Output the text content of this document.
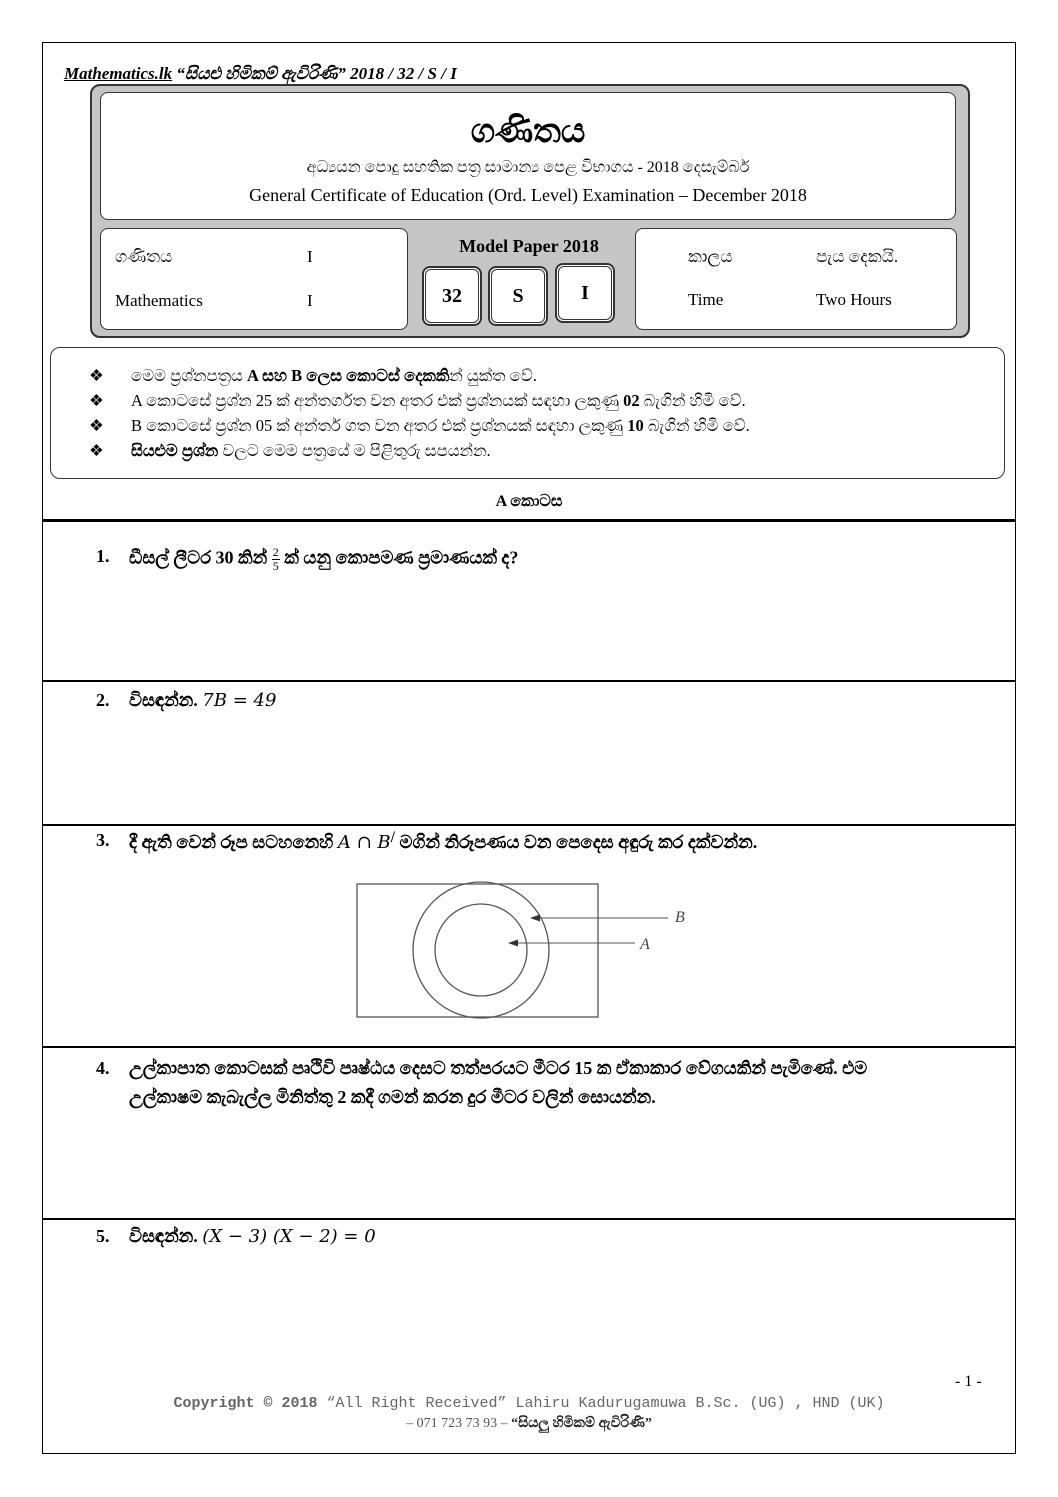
Mathematics.lk “සියළු හිමිකම් ඇවිරිණි” 2018 / 32 / S / I
ගණිතය
අධ්‍යයන පොදු සහතික පත්‍ර සාමාන්‍ය පෙළ විභාගය - 2018 දෙසැම්බර්
General Certificate of Education (Ord. Level) Examination – December 2018
ගණිතය	I
Mathematics	I
Model Paper 2018
32	S	I
කාලය	පැය දෙකයි.
Time	Two Hours
❖ මෙම ප්‍රශ්නපත්‍රය A සහ B ලෙස කොටස් දෙකකින් යුක්ත වේ.
❖ A කොටසේ ප්‍රශ්න 25 ක් අන්තර්ගත වන අතර එක් ප්‍රශ්නයක් සඳහා ලකුණු 02 බැගින් හිමි වේ.
❖ B කොටසේ ප්‍රශ්න 05 ක් අන්තර් ගත වන අතර එක් ප්‍රශ්නයක් සඳහා ලකුණු 10 බැගින් හිමි වේ.
❖ සියළුම ප්‍රශ්න වලට මෙම පත්‍රයේ ම පිළිතුරු සපයන්න.
A කොටස
1. ඩීසල් ලීටර 30 කින් $\frac{2}{5}$ ක් යනු කොපමණ ප්‍රමාණයක් ද?
2. විසඳන්න. 7B = 49
3. දී ඇති වෙන් රූප සටහනෙහි A ∩ B/ මගින් නිරූපණය වන පෙදෙස අඳුරු කර දක්වන්න.
B
A
4. උල්කාපාත කොටසක් පෘථිවි පෘෂ්ඨය දෙසට තත්පරයට මීටර 15 ක ඒකාකාර වේගයකින් පැමිණේ. එම
උල්කාෂම කැබැල්ල මිනිත්තු 2 කදී ගමන් කරන දුර මීටර වලින් සොයන්න.
5. විසඳන්න. (X − 3) (X − 2) = 0
- 1 -
Copyright © 2018 “All Right Received” Lahiru Kadurugamuwa B.Sc. (UG) , HND (UK)
– 071 723 73 93 – “සියලු හිමිකම් ඇවිරිණි”
